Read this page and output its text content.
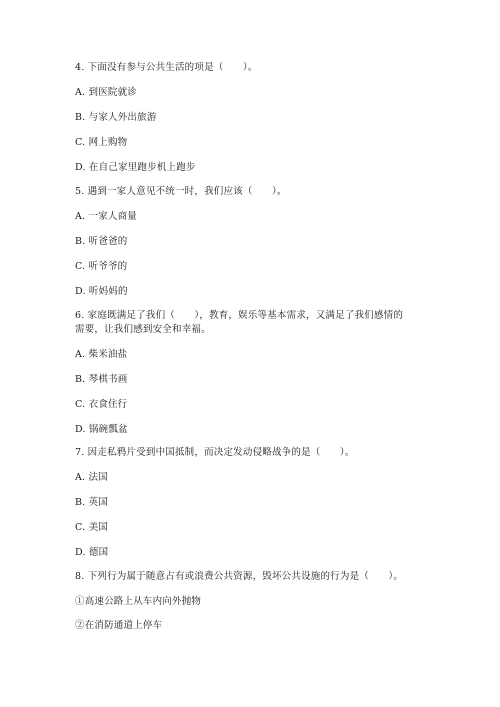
4. 下面没有参与公共生活的项是（　　）。
A. 到医院就诊
B. 与家人外出旅游
C. 网上购物
D. 在自己家里跑步机上跑步
5. 遇到一家人意见不统一时，我们应该（　　）。
A. 一家人商量
B. 听爸爸的
C. 听爷爷的
D. 听妈妈的
6. 家庭既满足了我们（　　），教育，娱乐等基本需求，又满足了我们感情的
需要，让我们感到安全和幸福。
A. 柴米油盐
B. 琴棋书画
C. 衣食住行
D. 锅碗瓢盆
7. 因走私鸦片受到中国抵制，而决定发动侵略战争的是（　　）。
A. 法国
B. 英国
C. 美国
D. 德国
8. 下列行为属于随意占有或浪费公共资源，毁坏公共设施的行为是（　　）。
①高速公路上从车内向外抛物
②在消防通道上停车
